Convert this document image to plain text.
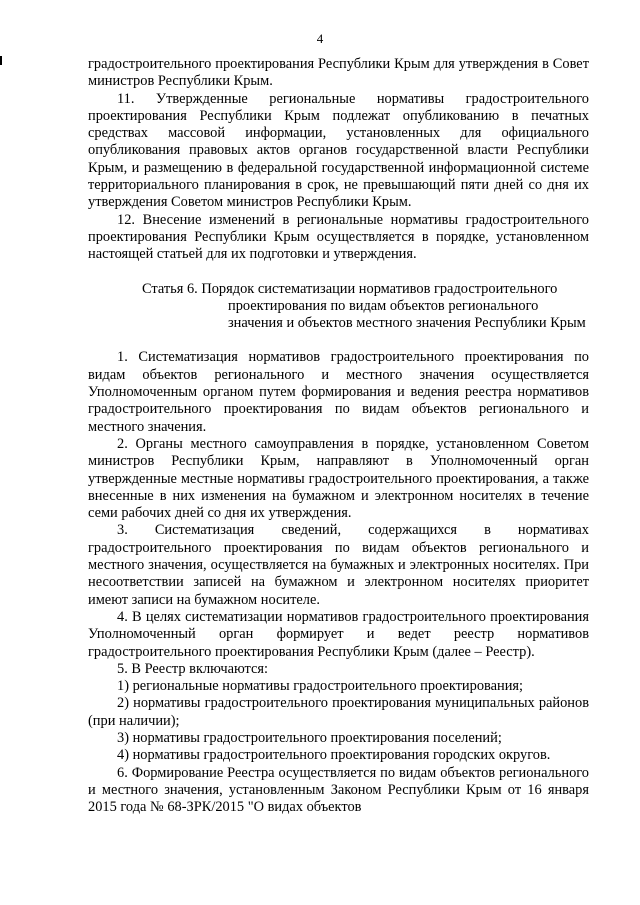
4

градостроительного проектирования Республики Крым для утверждения в Совет министров Республики Крым.

11. Утвержденные региональные нормативы градостроительного проектирования Республики Крым подлежат опубликованию в печатных средствах массовой информации, установленных для официального опубликования правовых актов органов государственной власти Республики Крым, и размещению в федеральной государственной информационной системе территориального планирования в срок, не превышающий пяти дней со дня их утверждения Советом министров Республики Крым.

12. Внесение изменений в региональные нормативы градостроительного проектирования Республики Крым осуществляется в порядке, установленном настоящей статьей для их подготовки и утверждения.

Статья 6. Порядок систематизации нормативов градостроительного
проектирования по видам объектов регионального
значения и объектов местного значения Республики Крым

1. Систематизация нормативов градостроительного проектирования по видам объектов регионального и местного значения осуществляется Уполномоченным органом путем формирования и ведения реестра нормативов градостроительного проектирования по видам объектов регионального и местного значения.

2. Органы местного самоуправления в порядке, установленном Советом министров Республики Крым, направляют в Уполномоченный орган утвержденные местные нормативы градостроительного проектирования, а также внесенные в них изменения на бумажном и электронном носителях в течение семи рабочих дней со дня их утверждения.

3. Систематизация сведений, содержащихся в нормативах градостроительного проектирования по видам объектов регионального и местного значения, осуществляется на бумажных и электронных носителях. При несоответствии записей на бумажном и электронном носителях приоритет имеют записи на бумажном носителе.

4. В целях систематизации нормативов градостроительного проектирования Уполномоченный орган формирует и ведет реестр нормативов градостроительного проектирования Республики Крым (далее – Реестр).

5. В Реестр включаются:

1) региональные нормативы градостроительного проектирования;

2) нормативы градостроительного проектирования муниципальных районов (при наличии);

3) нормативы градостроительного проектирования поселений;

4) нормативы градостроительного проектирования городских округов.

6. Формирование Реестра осуществляется по видам объектов регионального и местного значения, установленным Законом Республики Крым от 16 января 2015 года № 68-ЗРК/2015 "О видах объектов
